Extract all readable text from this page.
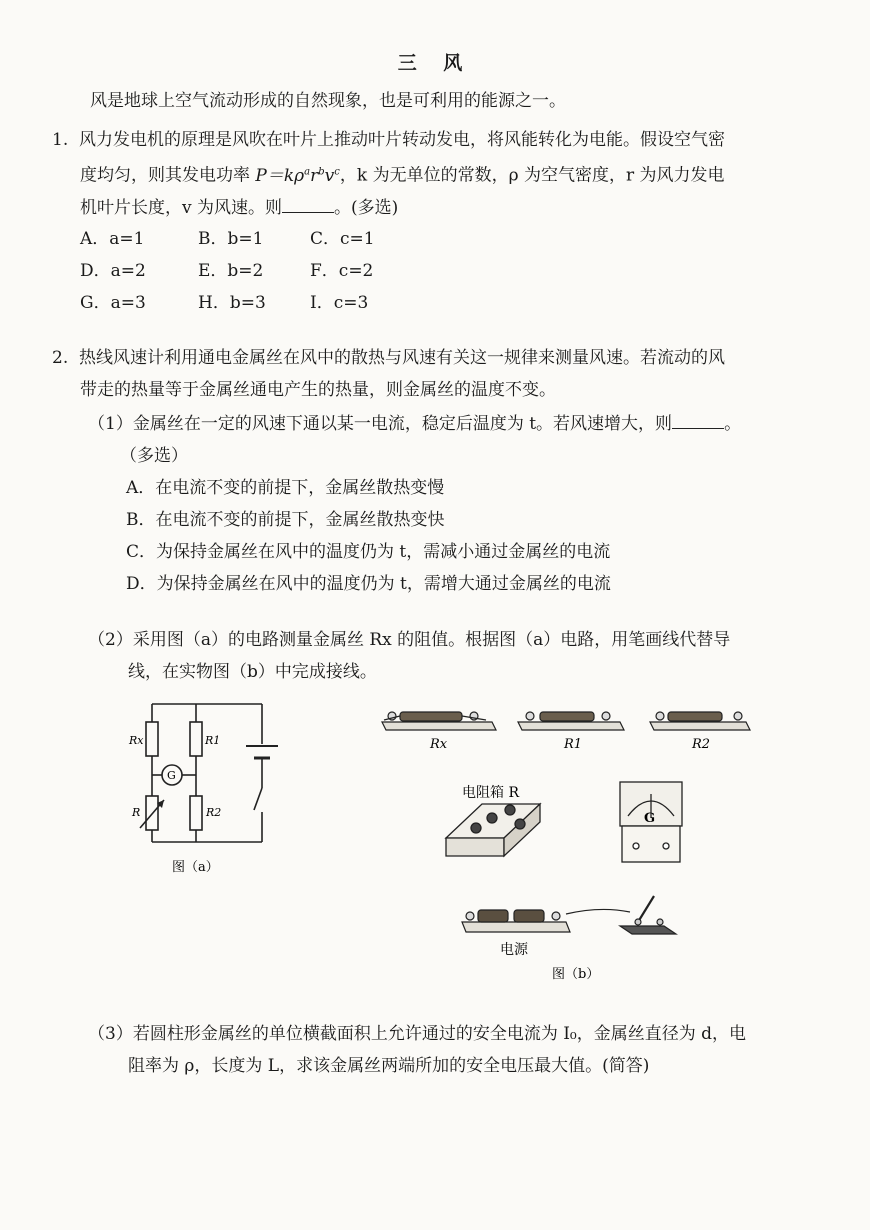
三 风
风是地球上空气流动形成的自然现象，也是可利用的能源之一。
1. 风力发电机的原理是风吹在叶片上推动叶片转动发电，将风能转化为电能。假设空气密
度均匀，则其发电功率 $P=k\rho^ar^bv^c$，k 为无单位的常数，ρ 为空气密度，r 为风力发电
机叶片长度，v 为风速。则	。(多选)
A．a=1	B．b=1	C．c=1
D．a=2	E．b=2	F．c=2
G．a=3	H．b=3	I．c=3
2. 热线风速计利用通电金属丝在风中的散热与风速有关这一规律来测量风速。若流动的风
带走的热量等于金属丝通电产生的热量，则金属丝的温度不变。
（1）金属丝在一定的风速下通以某一电流，稳定后温度为 t。若风速增大，则	。
（多选）
A．在电流不变的前提下，金属丝散热变慢
B．在电流不变的前提下，金属丝散热变快
C．为保持金属丝在风中的温度仍为 t，需减小通过金属丝的电流
D．为保持金属丝在风中的温度仍为 t，需增大通过金属丝的电流
（2）采用图（a）的电路测量金属丝 Rx 的阻值。根据图（a）电路，用笔画线代替导
线，在实物图（b）中完成接线。
Rx	R1
R	R2
G
图（a）
Rx	R1	R2
电阻箱 R
G
电源
图（b）
（3）若圆柱形金属丝的单位横截面积上允许通过的安全电流为 I₀，金属丝直径为 d，电
阻率为 ρ，长度为 L，求该金属丝两端所加的安全电压最大值。(简答)
